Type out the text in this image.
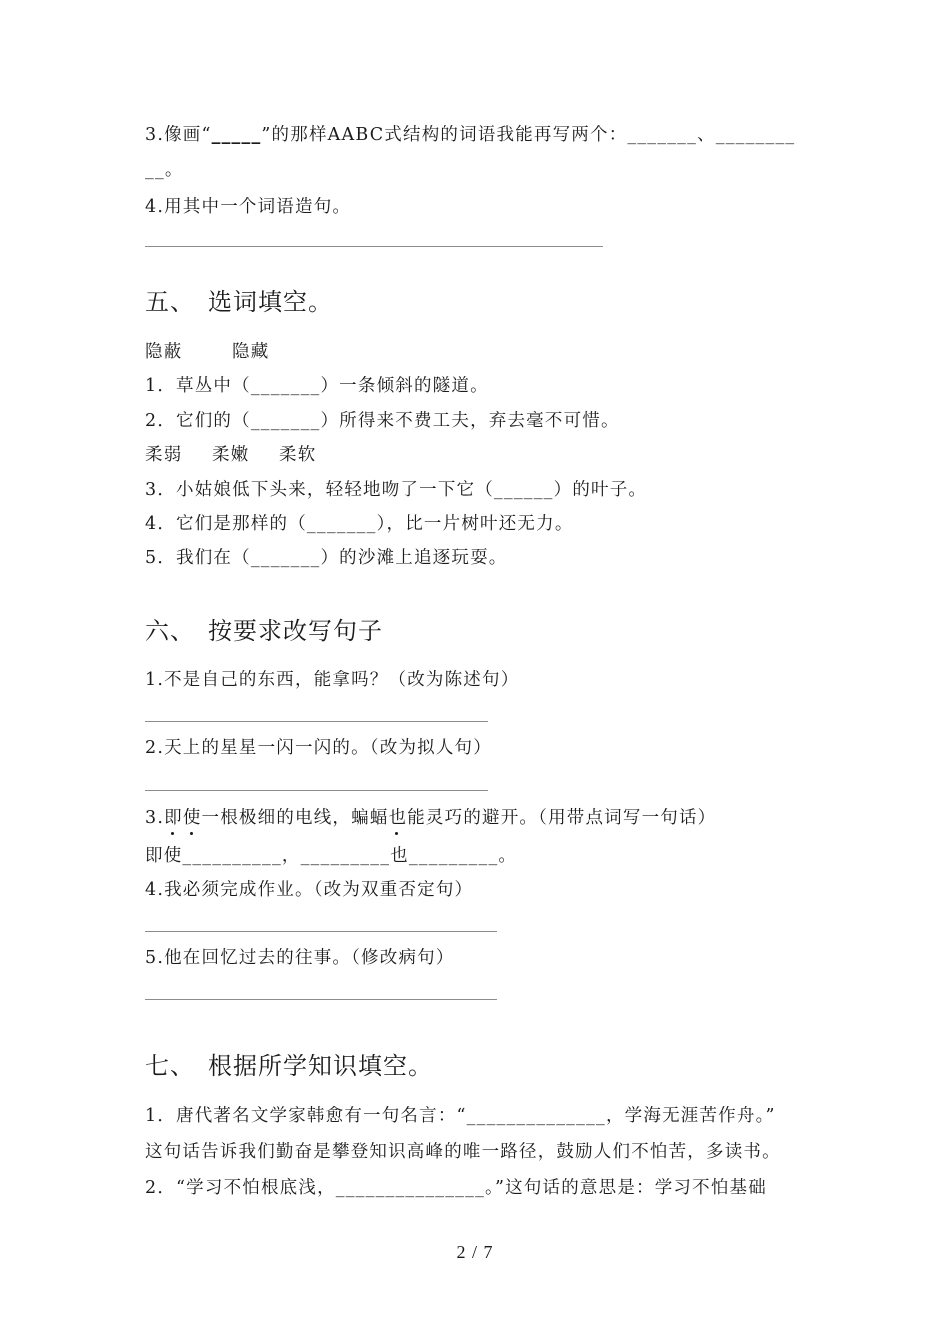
3.像画“_____”的那样AABC式结构的词语我能再写两个：_______、________
__。
4.用其中一个词语造句。
五、 选词填空。
隐蔽	隐藏
1．草丛中（_______）一条倾斜的隧道。
2．它们的（_______）所得来不费工夫，弃去毫不可惜。
柔弱 柔嫩 柔软
3．小姑娘低下头来，轻轻地吻了一下它（______）的叶子。
4．它们是那样的（_______），比一片树叶还无力。
5．我们在（_______）的沙滩上追逐玩耍。
六、 按要求改写句子
1.不是自己的东西，能拿吗？（改为陈述句）
2.天上的星星一闪一闪的。（改为拟人句）
3.即使一根极细的电线，蝙蝠也能灵巧的避开。（用带点词写一句话）
即使__________，_________也_________。
4.我必须完成作业。（改为双重否定句）
5.他在回忆过去的往事。（修改病句）
七、 根据所学知识填空。
1．唐代著名文学家韩愈有一句名言：“______________，学海无涯苦作舟。”
这句话告诉我们勤奋是攀登知识高峰的唯一路径，鼓励人们不怕苦，多读书。
2．“学习不怕根底浅，_______________。”这句话的意思是：学习不怕基础
2 / 7
